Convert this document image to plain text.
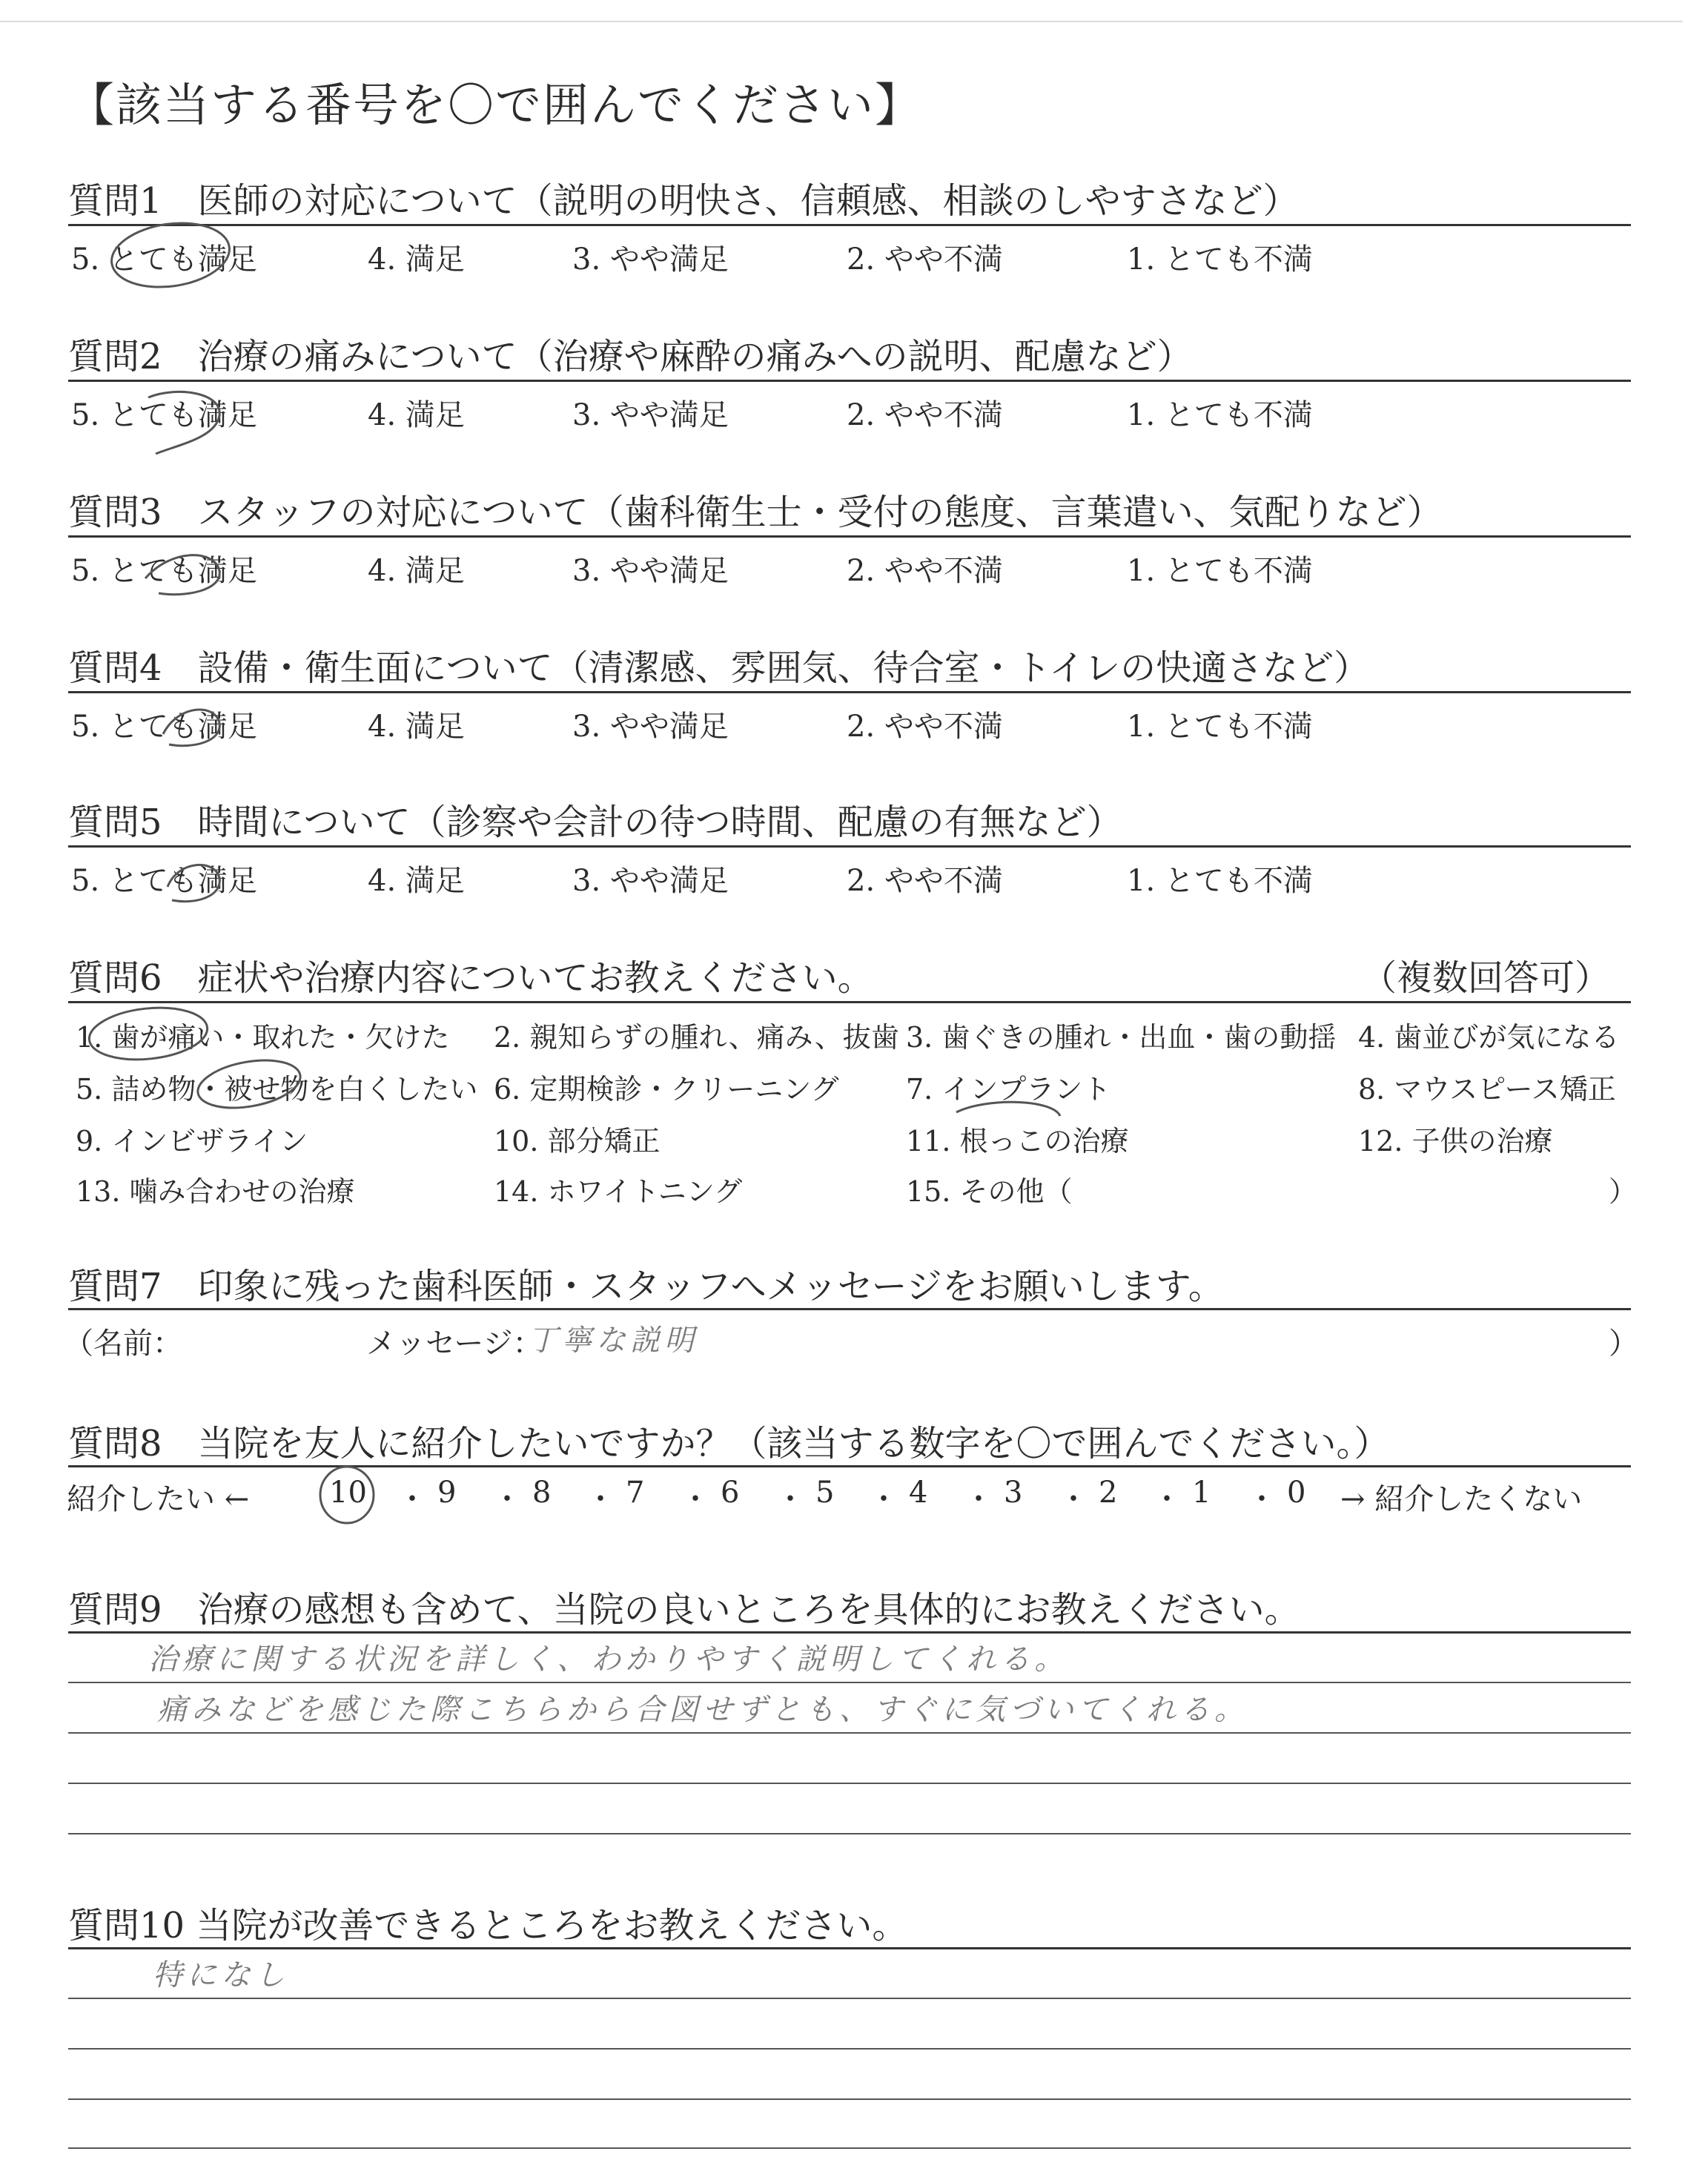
【該当する番号を〇で囲んでください】
質問1　医師の対応について（説明の明快さ、信頼感、相談のしやすさなど）
5. とても満足	4. 満足	3. やや満足	2. やや不満	1. とても不満
質問2　治療の痛みについて（治療や麻酔の痛みへの説明、配慮など）
5. とても満足	4. 満足	3. やや満足	2. やや不満	1. とても不満
質問3　スタッフの対応について（歯科衛生士・受付の態度、言葉遣い、気配りなど）
5. とても満足	4. 満足	3. やや満足	2. やや不満	1. とても不満
質問4　設備・衛生面について（清潔感、雰囲気、待合室・トイレの快適さなど）
5. とても満足	4. 満足	3. やや満足	2. やや不満	1. とても不満
質問5　時間について（診察や会計の待つ時間、配慮の有無など）
5. とても満足	4. 満足	3. やや満足	2. やや不満	1. とても不満
質問6　症状や治療内容についてお教えください。	（複数回答可）
1. 歯が痛い・取れた・欠けた 2. 親知らずの腫れ、痛み、抜歯 3. 歯ぐきの腫れ・出血・歯の動揺 4. 歯並びが気になる
5. 詰め物・被せ物を白くしたい 6. 定期検診・クリーニング 7. インプラント	8. マウスピース矯正
9. インビザライン	10. 部分矯正	11. 根っこの治療	12. 子供の治療
13. 噛み合わせの治療	14. ホワイトニング	15. その他（	）
質問7　印象に残った歯科医師・スタッフへメッセージをお願いします。
（名前：	メッセージ：
丁寧な説明	）
質問8　当院を友人に紹介したいですか？（該当する数字を〇で囲んでください。）
紹介したい ←	→ 紹介したくない
10 ・ 9 ・ 8 ・ 7 ・ 6 ・ 5 ・ 4 ・ 3 ・ 2 ・ 1 ・ 0
質問9　治療の感想も含めて、当院の良いところを具体的にお教えください。
治療に関する状況を詳しく、わかりやすく説明してくれる。
痛みなどを感じた際こちらから合図せずとも、すぐに気づいてくれる。
質問10 当院が改善できるところをお教えください。
特になし
